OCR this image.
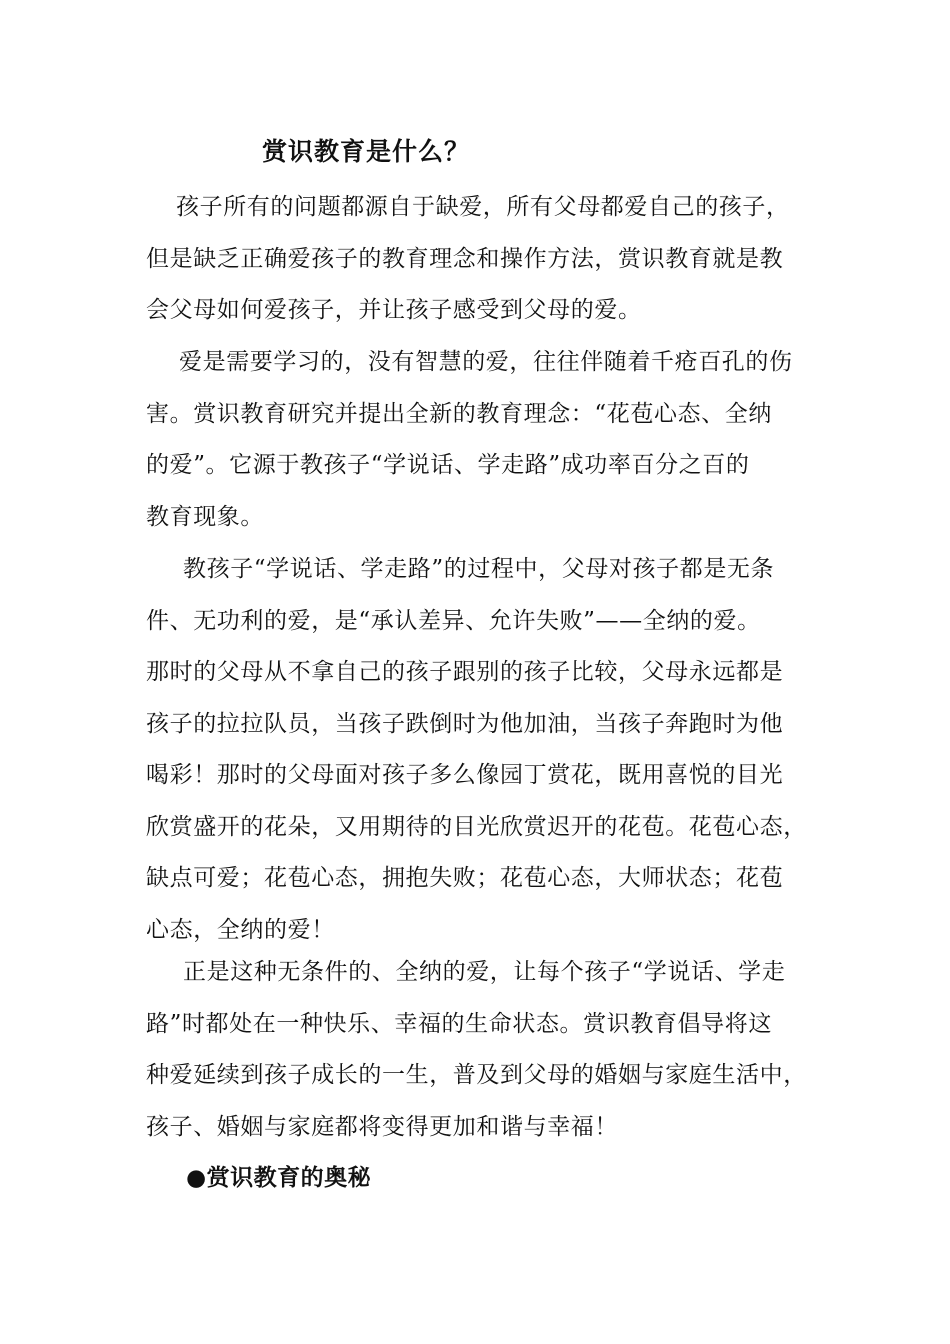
赏识教育是什么？
孩子所有的问题都源自于缺爱，所有父母都爱自己的孩子，
但是缺乏正确爱孩子的教育理念和操作方法，赏识教育就是教
会父母如何爱孩子，并让孩子感受到父母的爱。
爱是需要学习的，没有智慧的爱，往往伴随着千疮百孔的伤
害。赏识教育研究并提出全新的教育理念：“花苞心态、全纳
的爱”。它源于教孩子“学说话、学走路”成功率百分之百的
教育现象。
教孩子“学说话、学走路”的过程中，父母对孩子都是无条
件、无功利的爱，是“承认差异、允许失败”——全纳的爱。
那时的父母从不拿自己的孩子跟别的孩子比较，父母永远都是
孩子的拉拉队员，当孩子跌倒时为他加油，当孩子奔跑时为他
喝彩！那时的父母面对孩子多么像园丁赏花，既用喜悦的目光
欣赏盛开的花朵，又用期待的目光欣赏迟开的花苞。花苞心态，
缺点可爱；花苞心态，拥抱失败；花苞心态，大师状态；花苞
心态，全纳的爱！
正是这种无条件的、全纳的爱，让每个孩子“学说话、学走
路”时都处在一种快乐、幸福的生命状态。赏识教育倡导将这
种爱延续到孩子成长的一生，普及到父母的婚姻与家庭生活中，
孩子、婚姻与家庭都将变得更加和谐与幸福！
●赏识教育的奥秘
